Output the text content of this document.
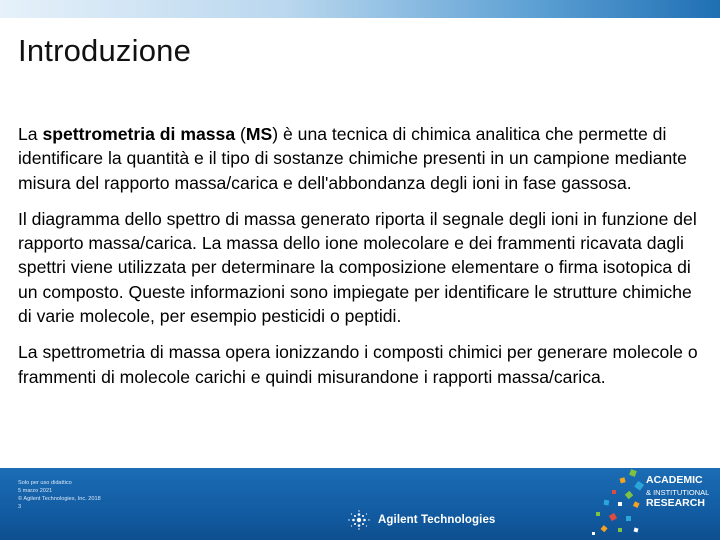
Introduzione

La spettrometria di massa (MS) è una tecnica di chimica analitica che permette di identificare la quantità e il tipo di sostanze chimiche presenti in un campione mediante misura del rapporto massa/carica e dell'abbondanza degli ioni in fase gassosa.

Il diagramma dello spettro di massa generato riporta il segnale degli ioni in funzione del rapporto massa/carica. La massa dello ione molecolare e dei frammenti ricavata dagli spettri viene utilizzata per determinare la composizione elementare o firma isotopica di un composto. Queste informazioni sono impiegate per identificare le strutture chimiche di varie molecole, per esempio pesticidi o peptidi.

La spettrometria di massa opera ionizzando i composti chimici per generare molecole o frammenti di molecole carichi e quindi misurandone i rapporti massa/carica.

Solo per uso didattico
5 marzo 2021
© Agilent Technologies, Inc. 2018
3
Agilent Technologies
ACADEMIC
& INSTITUTIONAL
RESEARCH
